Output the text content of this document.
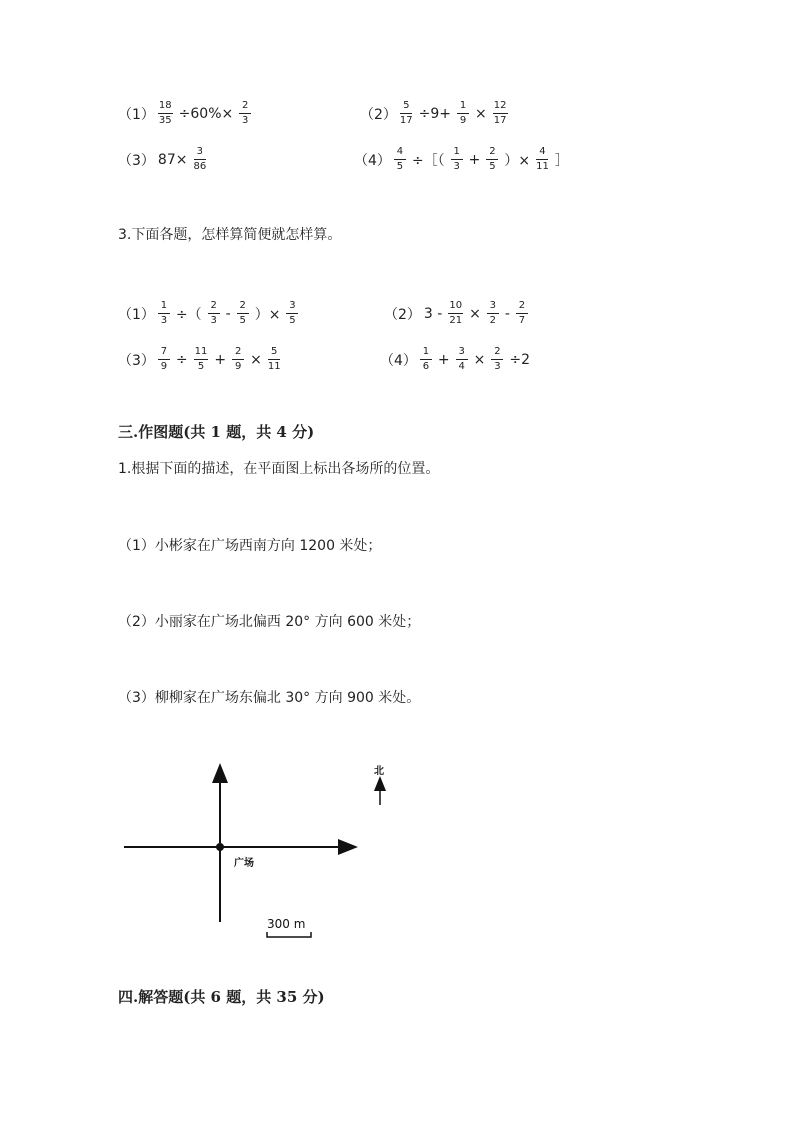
$(1) \frac{18}{35} \div 60\%\times \frac{2}{3}$	$(2) \frac{5}{17} \div 9+ \frac{1}{9} \times \frac{12}{17}$
（3） $87\times \frac{3}{86}$	$(4) \frac{4}{5}$ ÷［（ $\frac{1}{3} + \frac{2}{5}$ ）× $\frac{4}{11}$ ］
3.下面各题，怎样算简便就怎样算。
$(1) \frac{1}{3}$ ÷（ $\frac{2}{3} - \frac{2}{5}$ ）× $\frac{3}{5}$	（2） $3 - \frac{10}{21} \times \frac{3}{2} - \frac{2}{7}$
$(3) \frac{7}{9} \div \frac{11}{5} + \frac{2}{9} \times \frac{5}{11}$	$(4) \frac{1}{6} + \frac{3}{4} \times \frac{2}{3} \div 2$
三.作图题(共 1 题，共 4 分)
1.根据下面的描述，在平面图上标出各场所的位置。
（1）小彬家在广场西南方向 1200 米处；
（2）小丽家在广场北偏西 20° 方向 600 米处；
（3）柳柳家在广场东偏北 30° 方向 900 米处。
广场
北
300 m
四.解答题(共 6 题，共 35 分)
